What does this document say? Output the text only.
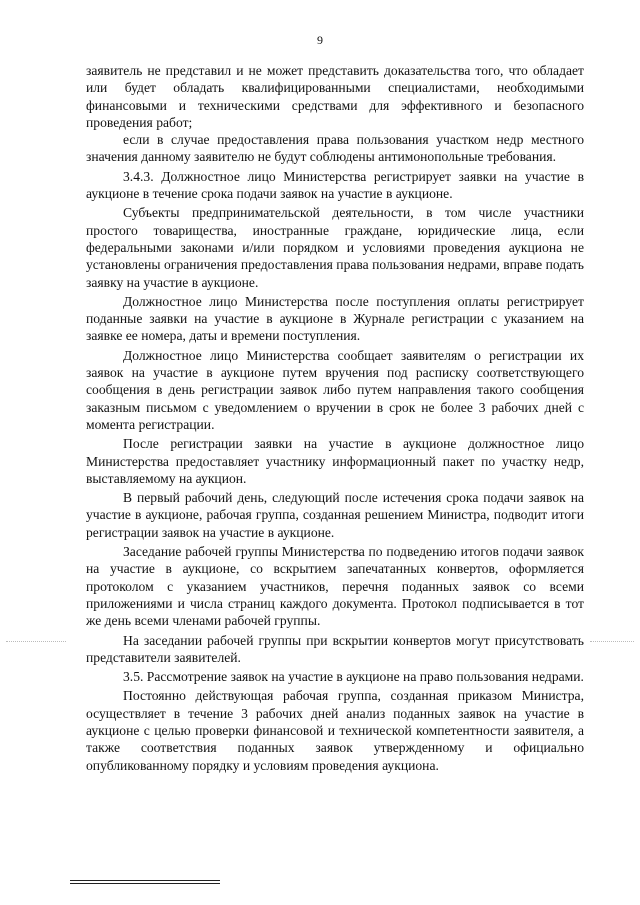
9

заявитель не представил и не может представить доказательства того, что обладает или будет обладать квалифицированными специалистами, необходимыми финансовыми и техническими средствами для эффективного и безопасного проведения работ;

если в случае предоставления права пользования участком недр местного значения данному заявителю не будут соблюдены антимонопольные требования.

3.4.3. Должностное лицо Министерства регистрирует заявки на участие в аукционе в течение срока подачи заявок на участие в аукционе.

Субъекты предпринимательской деятельности, в том числе участники простого товарищества, иностранные граждане, юридические лица, если федеральными законами и/или порядком и условиями проведения аукциона не установлены ограничения предоставления права пользования недрами, вправе подать заявку на участие в аукционе.

Должностное лицо Министерства после поступления оплаты регистрирует поданные заявки на участие в аукционе в Журнале регистрации с указанием на заявке ее номера, даты и времени поступления.

Должностное лицо Министерства сообщает заявителям о регистрации их заявок на участие в аукционе путем вручения под расписку соответствующего сообщения в день регистрации заявок либо путем направления такого сообщения заказным письмом с уведомлением о вручении в срок не более 3 рабочих дней с момента регистрации.

После регистрации заявки на участие в аукционе должностное лицо Министерства предоставляет участнику информационный пакет по участку недр, выставляемому на аукцион.

В первый рабочий день, следующий после истечения срока подачи заявок на участие в аукционе, рабочая группа, созданная решением Министра, подводит итоги регистрации заявок на участие в аукционе.

Заседание рабочей группы Министерства по подведению итогов подачи заявок на участие в аукционе, со вскрытием запечатанных конвертов, оформляется протоколом с указанием участников, перечня поданных заявок со всеми приложениями и числа страниц каждого документа. Протокол подписывается в тот же день всеми членами рабочей группы.

На заседании рабочей группы при вскрытии конвертов могут присутствовать представители заявителей.

3.5. Рассмотрение заявок на участие в аукционе на право пользования недрами.

Постоянно действующая рабочая группа, созданная приказом Министра, осуществляет в течение 3 рабочих дней анализ поданных заявок на участие в аукционе с целью проверки финансовой и технической компетентности заявителя, а также соответствия поданных заявок утвержденному и официально опубликованному порядку и условиям проведения аукциона.
